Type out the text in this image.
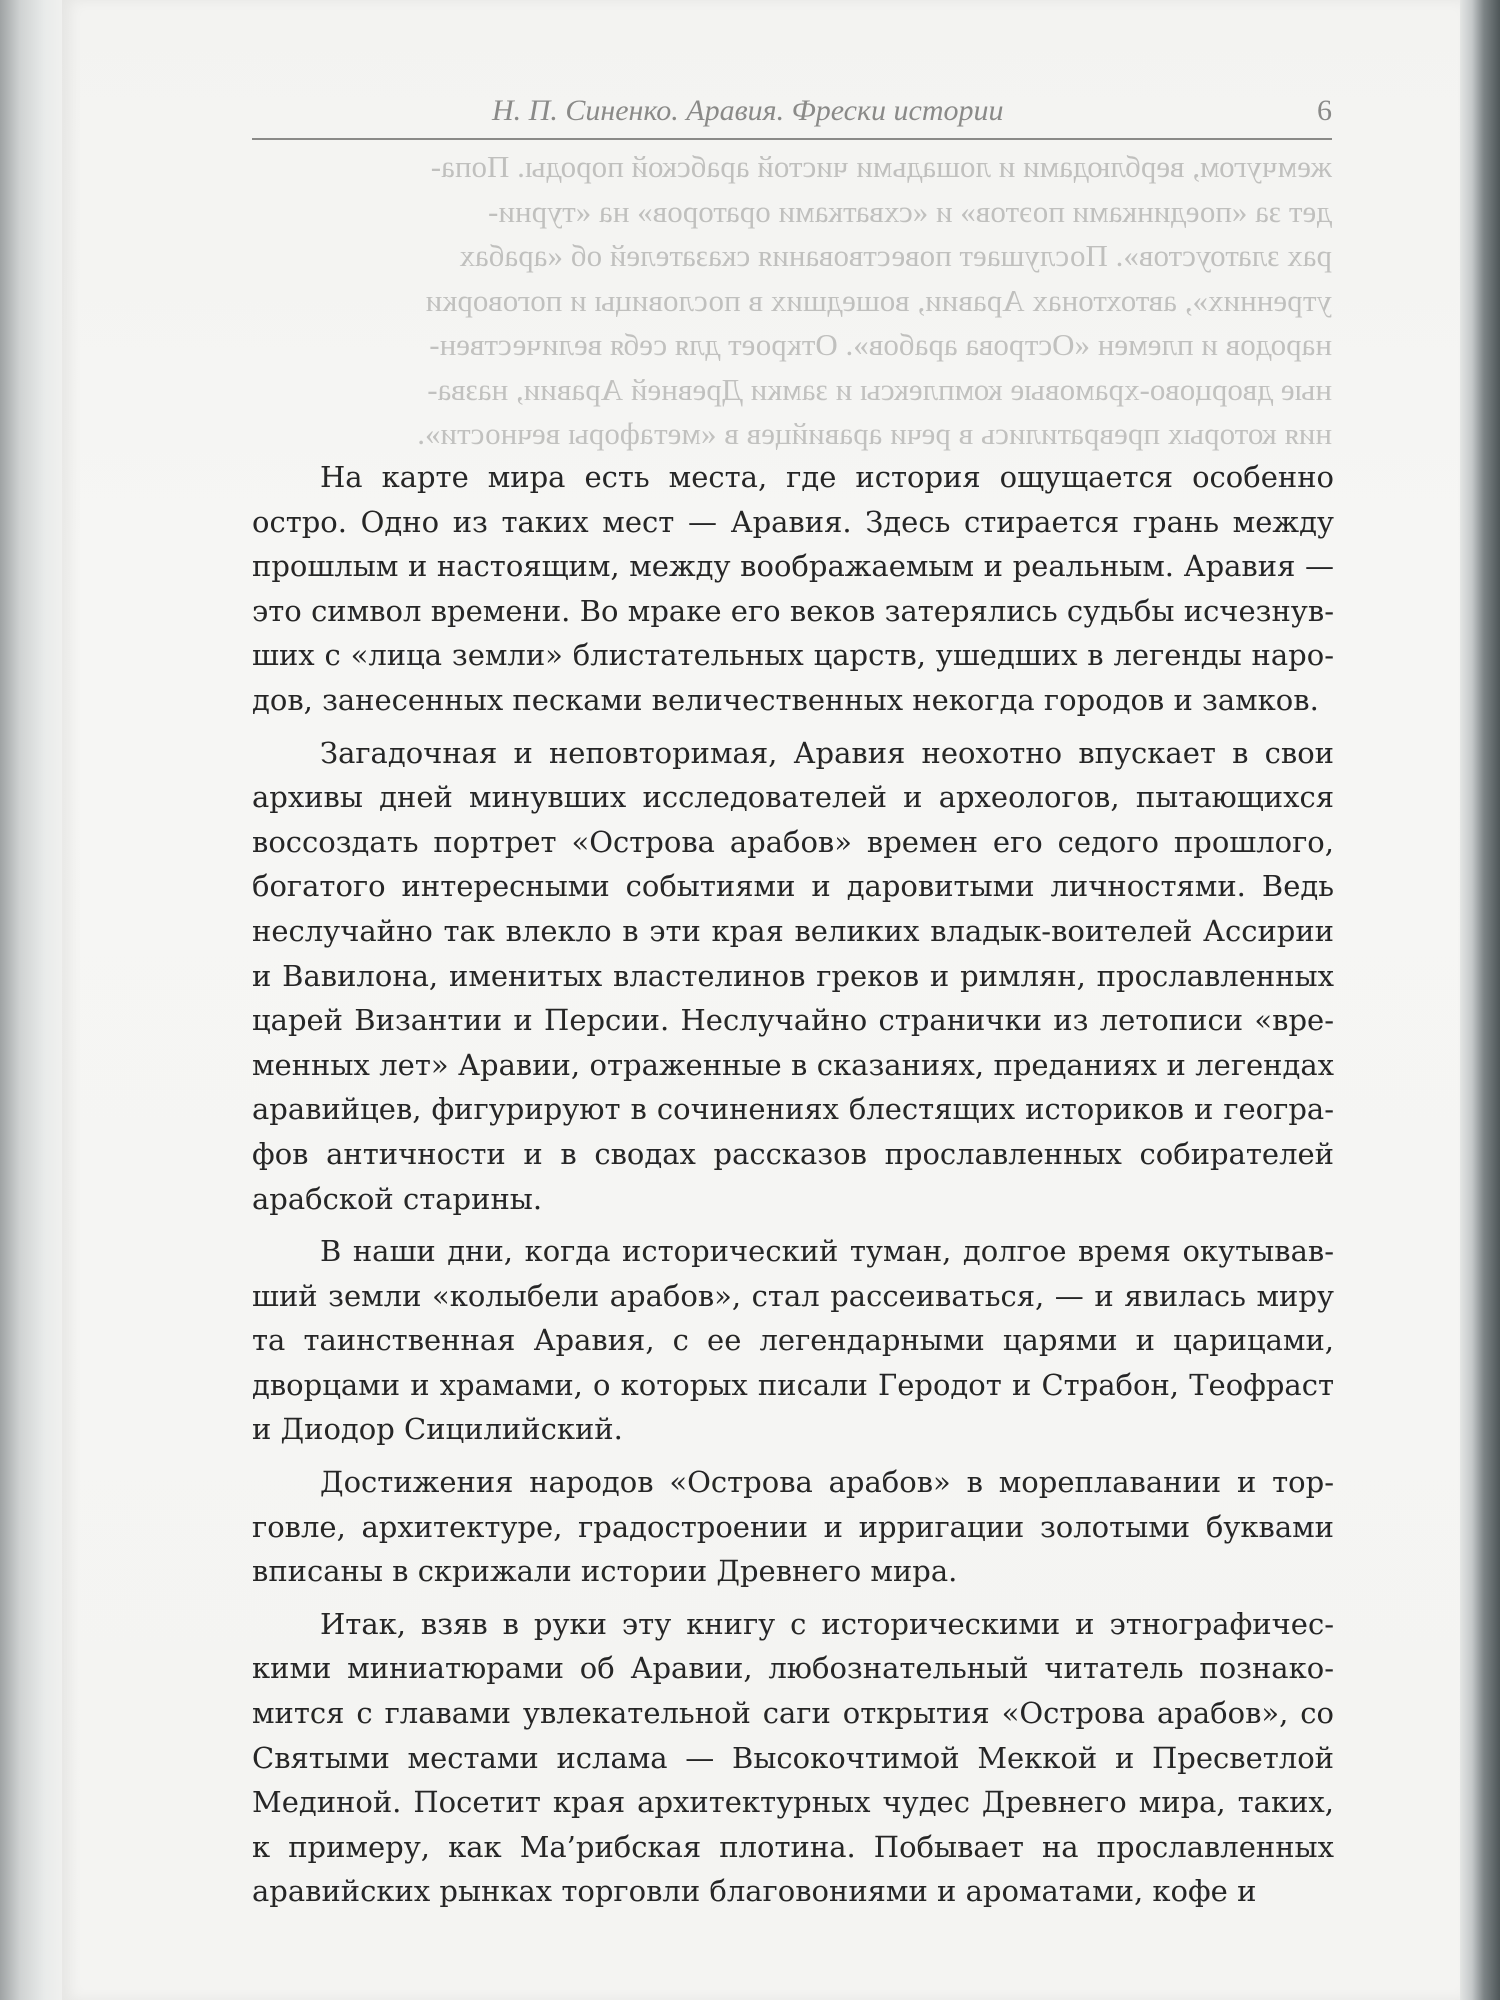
Н. П. Синенко. Аравия. Фрески истории	6
жемчугом, верблюдами и лошадьми чистой арабской породы. Попа-
дет за «поединками поэтов» и «схватками ораторов» на «турни-
рах златоустов». Послушает повествования сказателей об «арабах
утренних», автохтонах Аравии, вошедших в пословицы и поговорки
народов и племен «Острова арабов». Откроет для себя величествен-
ные дворцово-храмовые комплексы и замки Древней Аравии, назва-
ния которых превратились в речи аравийцев в «метафоры вечности».

На карте мира есть места, где история ощущается особенно остро. Одно из таких мест — Аравия. Здесь стирается грань между прошлым и настоящим, между воображаемым и реальным. Аравия — это символ времени. Во мраке его веков затерялись судьбы исчезнувших с «лица земли» блистательных царств, ушедших в легенды народов, занесенных песками величественных некогда городов и замков.

Загадочная и неповторимая, Аравия неохотно впускает в свои архивы дней минувших исследователей и археологов, пытающихся воссоздать портрет «Острова арабов» времен его седого прошлого, богатого интересными событиями и даровитыми личностями. Ведь неслучайно так влекло в эти края великих владык-воителей Ассирии и Вавилона, именитых властелинов греков и римлян, прославленных царей Византии и Персии. Неслучайно странички из летописи «временных лет» Аравии, отраженные в сказаниях, преданиях и легендах аравийцев, фигурируют в сочинениях блестящих историков и географов античности и в сводах рассказов прославленных собирателей арабской старины.

В наши дни, когда исторический туман, долгое время окутывавший земли «колыбели арабов», стал рассеиваться, — и явилась миру та таинственная Аравия, с ее легендарными царями и царицами, дворцами и храмами, о которых писали Геродот и Страбон, Теофраст и Диодор Сицилийский.

Достижения народов «Острова арабов» в мореплавании и торговле, архитектуре, градостроении и ирригации золотыми буквами вписаны в скрижали истории Древнего мира.

Итак, взяв в руки эту книгу с историческими и этнографическими миниатюрами об Аравии, любознательный читатель познакомится с главами увлекательной саги открытия «Острова арабов», со Святыми местами ислама — Высокочтимой Меккой и Пресветлой Мединой. Посетит края архитектурных чудес Древнего мира, таких, к примеру, как Ма’рибская плотина. Побывает на прославленных аравийских рынках торговли благовониями и ароматами, кофе и
